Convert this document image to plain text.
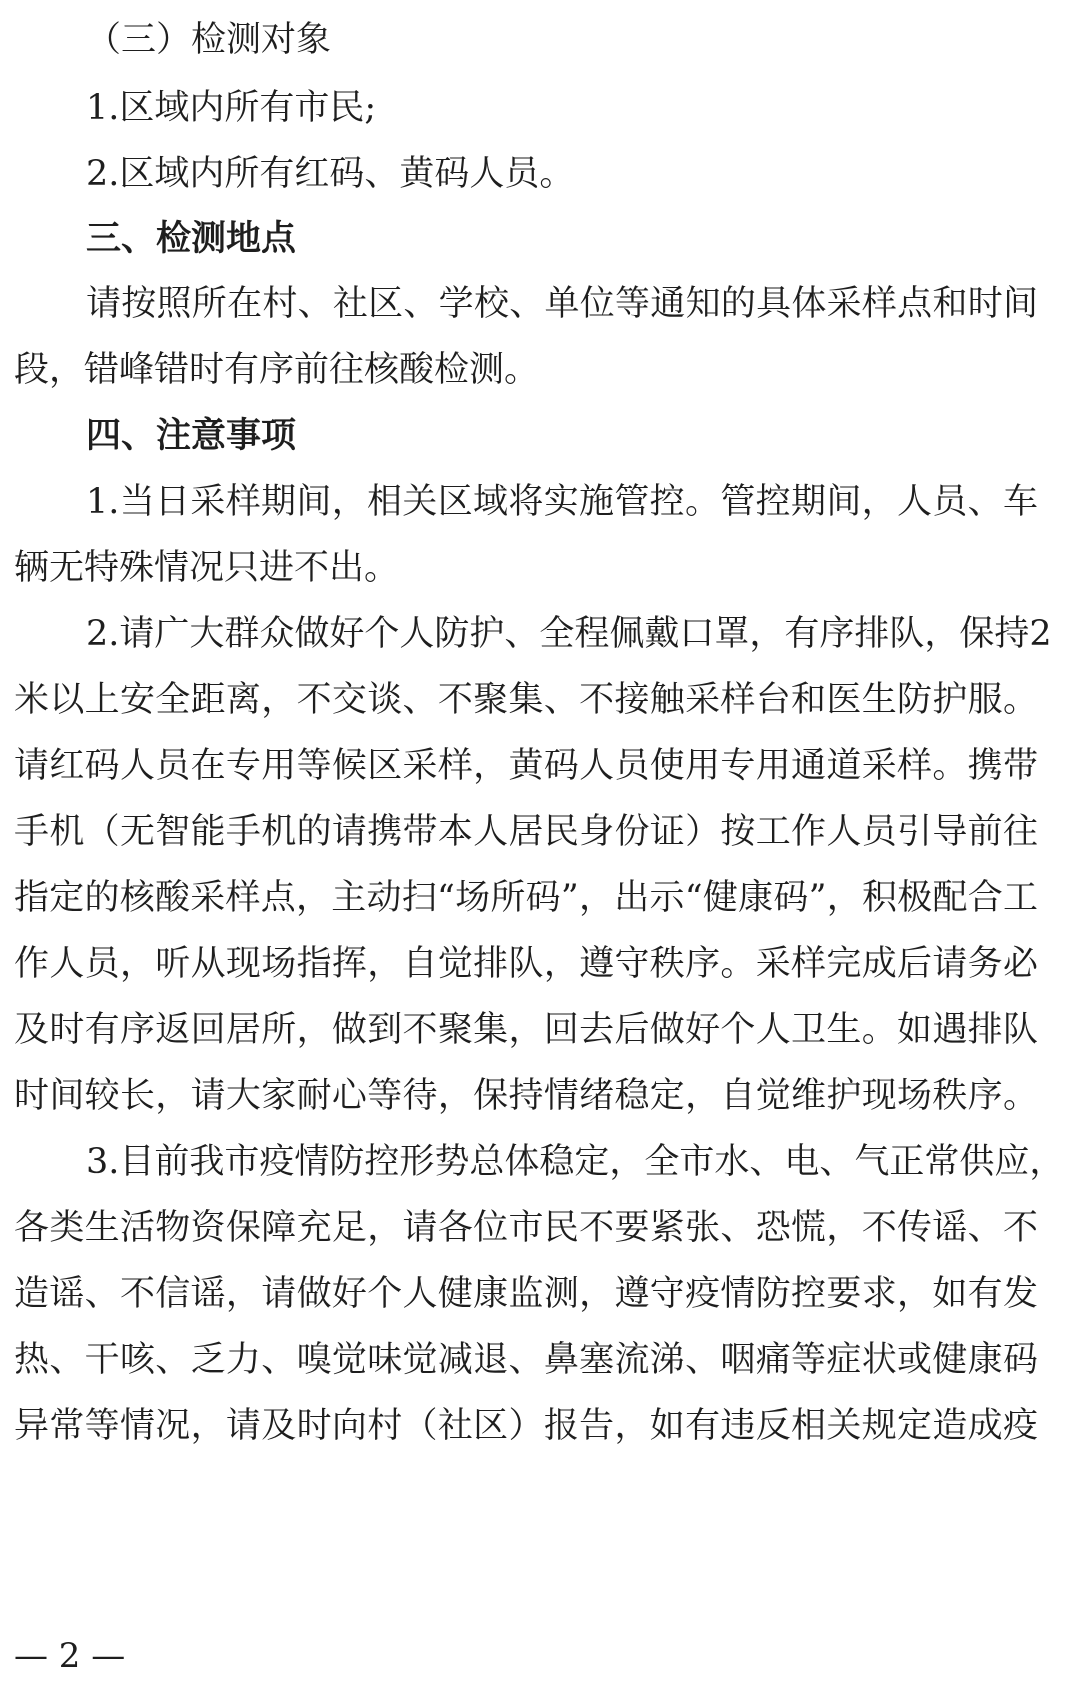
（三）检测对象
1.区域内所有市民;
2.区域内所有红码、黄码人员。
三、检测地点
请按照所在村、社区、学校、单位等通知的具体采样点和时间
段，错峰错时有序前往核酸检测。
四、注意事项
1.当日采样期间，相关区域将实施管控。管控期间，人员、车
辆无特殊情况只进不出。
2.请广大群众做好个人防护、全程佩戴口罩，有序排队，保持2
米以上安全距离，不交谈、不聚集、不接触采样台和医生防护服。
请红码人员在专用等候区采样，黄码人员使用专用通道采样。携带
手机（无智能手机的请携带本人居民身份证）按工作人员引导前往
指定的核酸采样点，主动扫“场所码”，出示“健康码”，积极配合工
作人员，听从现场指挥，自觉排队，遵守秩序。采样完成后请务必
及时有序返回居所，做到不聚集，回去后做好个人卫生。如遇排队
时间较长，请大家耐心等待，保持情绪稳定，自觉维护现场秩序。
3.目前我市疫情防控形势总体稳定，全市水、电、气正常供应，
各类生活物资保障充足，请各位市民不要紧张、恐慌，不传谣、不
造谣、不信谣，请做好个人健康监测，遵守疫情防控要求，如有发
热、干咳、乏力、嗅觉味觉减退、鼻塞流涕、咽痛等症状或健康码
异常等情况，请及时向村（社区）报告，如有违反相关规定造成疫
— 2 —
